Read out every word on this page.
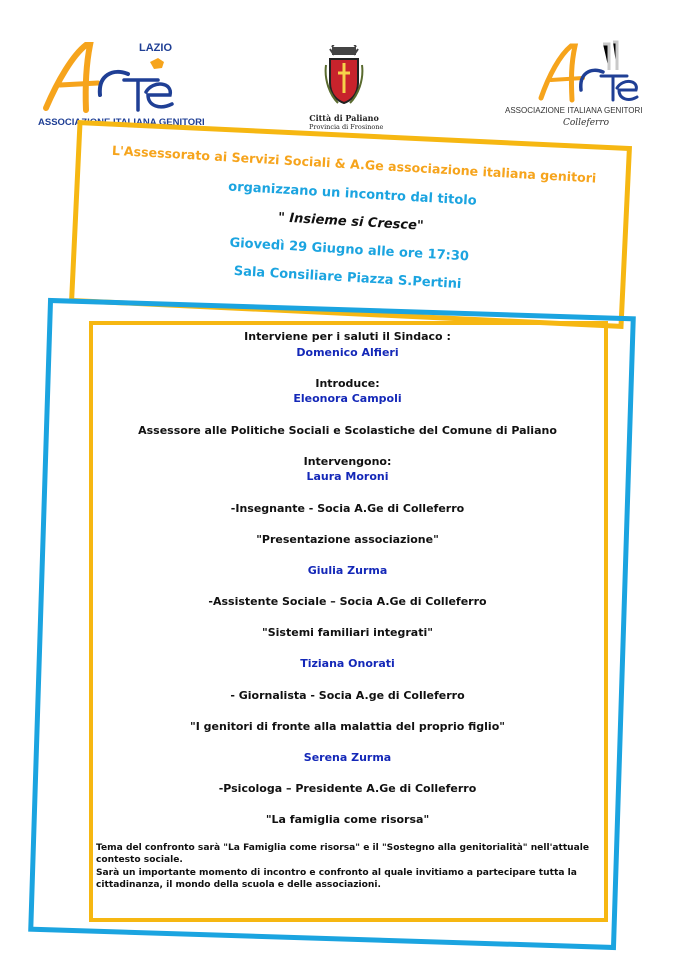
LAZIO
ASSOCIAZIONE ITALIANA GENITORI	Città di Paliano
Provincia di Frosinone
ASSOCIAZIONE ITALIANA GENITORI
Colleferro
L'Assessorato ai Servizi Sociali & A.Ge associazione italiana genitori
organizzano un incontro dal titolo
" Insieme si Cresce"
Giovedì 29 Giugno alle ore 17:30
Sala Consiliare Piazza S.Pertini
Interviene per i saluti il Sindaco :
Domenico Alfieri
Introduce:
Eleonora Campoli
Assessore alle Politiche Sociali e Scolastiche del Comune di Paliano
Intervengono:
Laura Moroni
-Insegnante - Socia A.Ge di Colleferro
"Presentazione associazione"
Giulia Zurma
-Assistente Sociale – Socia A.Ge di Colleferro
"Sistemi familiari integrati"
Tiziana Onorati
- Giornalista - Socia A.ge di Colleferro
"I genitori di fronte alla malattia del proprio figlio"
Serena Zurma
-Psicologa – Presidente A.Ge di Colleferro
"La famiglia come risorsa"
Tema del confronto sarà "La Famiglia come risorsa" e il "Sostegno alla genitorialità" nell'attuale contesto sociale.
Sarà un importante momento di incontro e confronto al quale invitiamo a partecipare tutta la cittadinanza, il mondo della scuola e delle associazioni.
